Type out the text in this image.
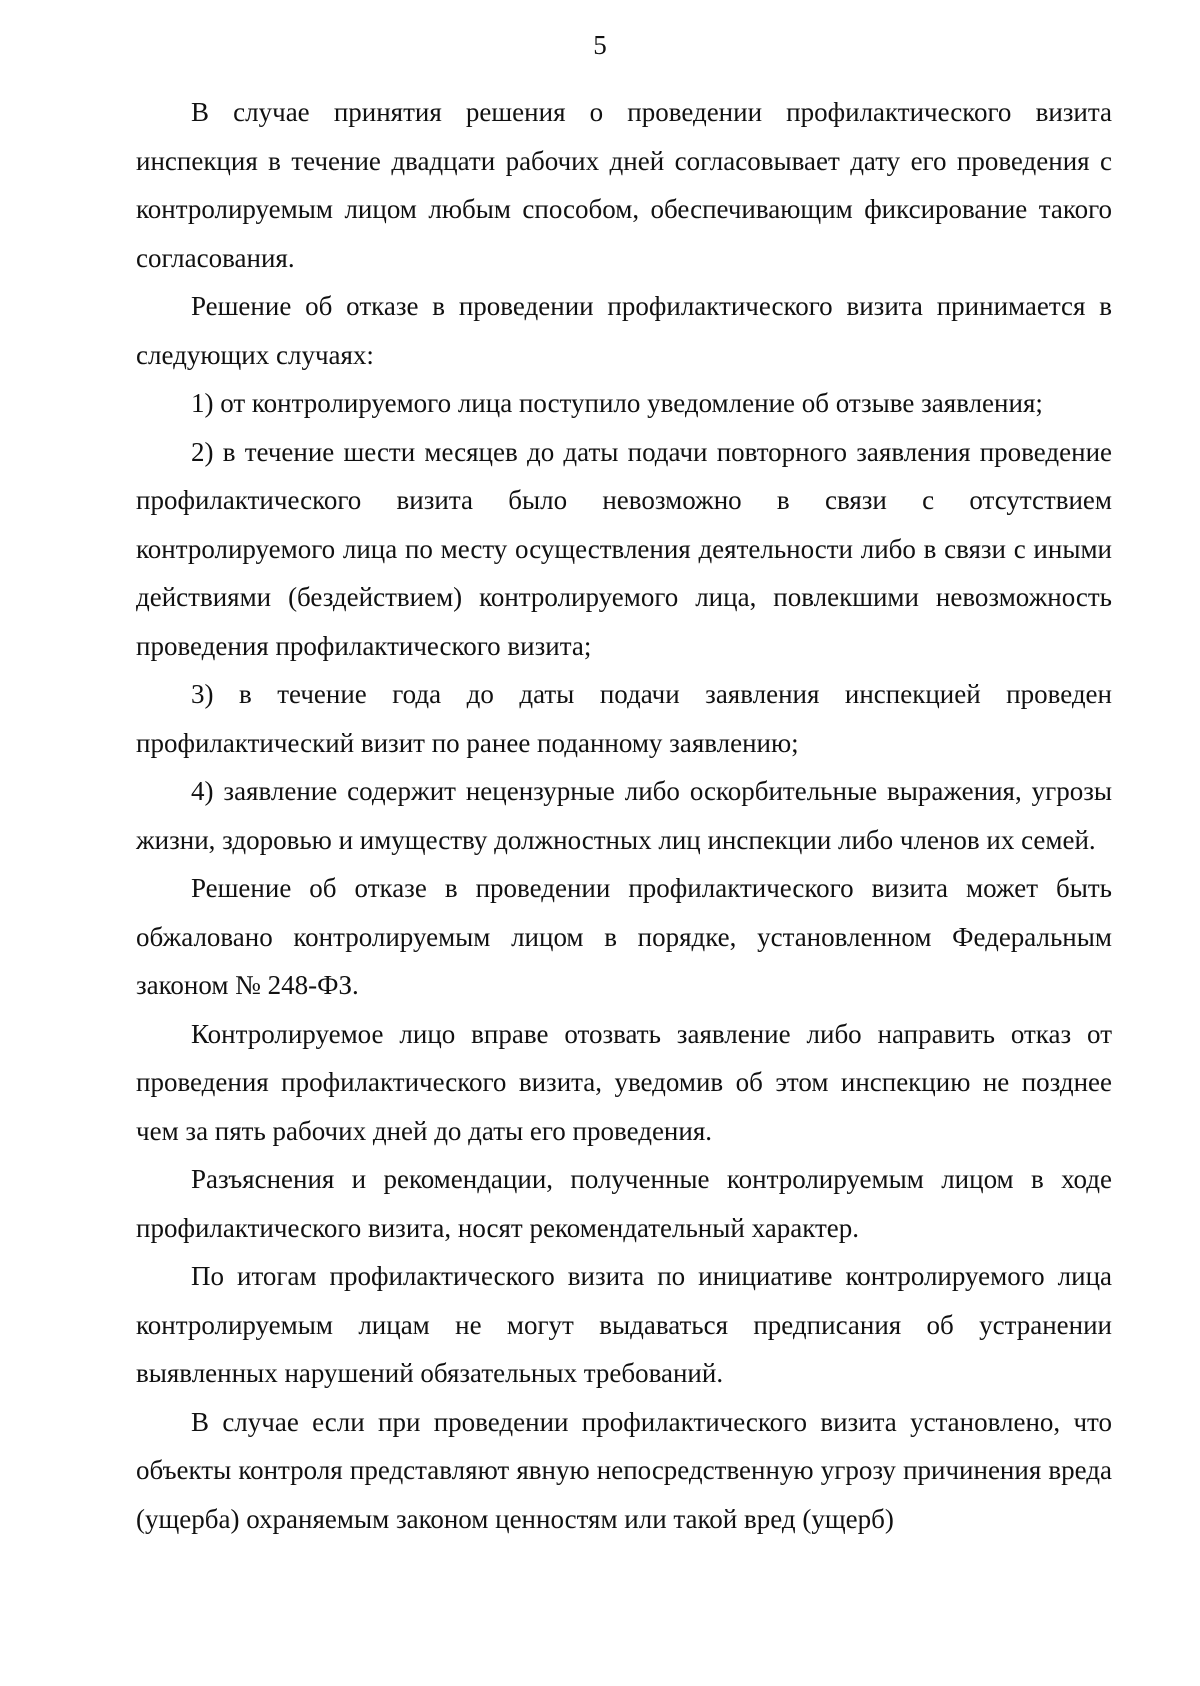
5

В случае принятия решения о проведении профилактического визита инспекция в течение двадцати рабочих дней согласовывает дату его проведения с контролируемым лицом любым способом, обеспечивающим фиксирование такого согласования.

Решение об отказе в проведении профилактического визита принимается в следующих случаях:

1) от контролируемого лица поступило уведомление об отзыве заявления;

2) в течение шести месяцев до даты подачи повторного заявления проведение профилактического визита было невозможно в связи с отсутствием контролируемого лица по месту осуществления деятельности либо в связи с иными действиями (бездействием) контролируемого лица, повлекшими невозможность проведения профилактического визита;

3) в течение года до даты подачи заявления инспекцией проведен профилактический визит по ранее поданному заявлению;

4) заявление содержит нецензурные либо оскорбительные выражения, угрозы жизни, здоровью и имуществу должностных лиц инспекции либо членов их семей.

Решение об отказе в проведении профилактического визита может быть обжаловано контролируемым лицом в порядке, установленном Федеральным законом № 248-ФЗ.

Контролируемое лицо вправе отозвать заявление либо направить отказ от проведения профилактического визита, уведомив об этом инспекцию не позднее чем за пять рабочих дней до даты его проведения.

Разъяснения и рекомендации, полученные контролируемым лицом в ходе профилактического визита, носят рекомендательный характер.

По итогам профилактического визита по инициативе контролируемого лица контролируемым лицам не могут выдаваться предписания об устранении выявленных нарушений обязательных требований.

В случае если при проведении профилактического визита установлено, что объекты контроля представляют явную непосредственную угрозу причинения вреда (ущерба) охраняемым законом ценностям или такой вред (ущерб)
